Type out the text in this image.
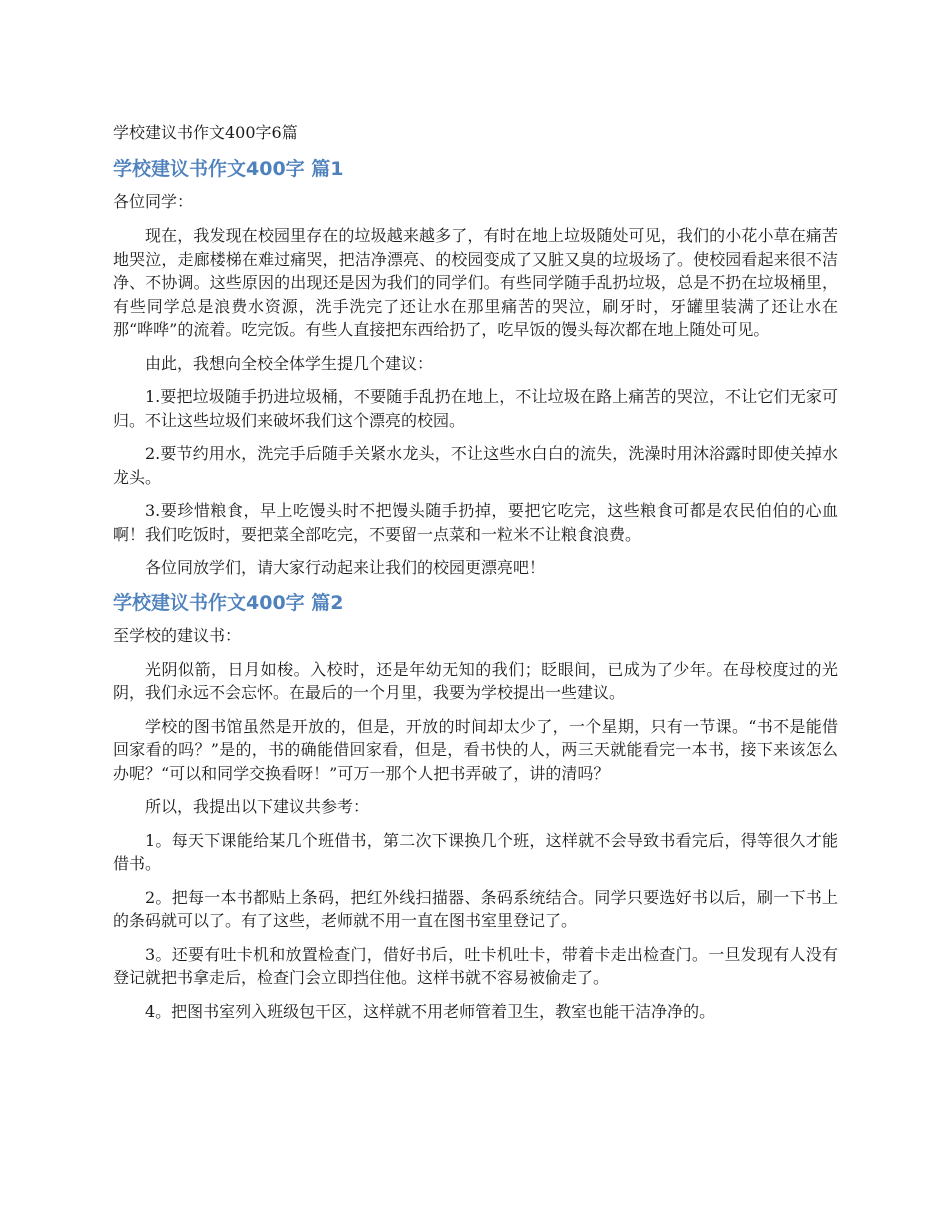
学校建议书作文400字6篇
学校建议书作文400字 篇1

各位同学：

现在，我发现在校园里存在的垃圾越来越多了，有时在地上垃圾随处可见，我们的小花小草在痛苦地哭泣，走廊楼梯在难过痛哭，把洁净漂亮、的校园变成了又脏又臭的垃圾场了。使校园看起来很不洁净、不协调。这些原因的出现还是因为我们的同学们。有些同学随手乱扔垃圾，总是不扔在垃圾桶里，有些同学总是浪费水资源，洗手洗完了还让水在那里痛苦的哭泣，刷牙时，牙罐里装满了还让水在那“哗哗”的流着。吃完饭。有些人直接把东西给扔了，吃早饭的馒头每次都在地上随处可见。

由此，我想向全校全体学生提几个建议：

1.要把垃圾随手扔进垃圾桶，不要随手乱扔在地上，不让垃圾在路上痛苦的哭泣，不让它们无家可归。不让这些垃圾们来破坏我们这个漂亮的校园。

2.要节约用水，洗完手后随手关紧水龙头，不让这些水白白的流失，洗澡时用沐浴露时即使关掉水龙头。

3.要珍惜粮食，早上吃馒头时不把馒头随手扔掉，要把它吃完，这些粮食可都是农民伯伯的心血啊！我们吃饭时，要把菜全部吃完，不要留一点菜和一粒米不让粮食浪费。

各位同放学们，请大家行动起来让我们的校园更漂亮吧！

学校建议书作文400字 篇2

至学校的建议书：

光阴似箭，日月如梭。入校时，还是年幼无知的我们；眨眼间，已成为了少年。在母校度过的光阴，我们永远不会忘怀。在最后的一个月里，我要为学校提出一些建议。

学校的图书馆虽然是开放的，但是，开放的时间却太少了，一个星期，只有一节课。“书不是能借回家看的吗？”是的，书的确能借回家看，但是，看书快的人，两三天就能看完一本书，接下来该怎么办呢？“可以和同学交换看呀！”可万一那个人把书弄破了，讲的清吗？

所以，我提出以下建议共参考：

1。每天下课能给某几个班借书，第二次下课换几个班，这样就不会导致书看完后，得等很久才能借书。

2。把每一本书都贴上条码，把红外线扫描器、条码系统结合。同学只要选好书以后，刷一下书上的条码就可以了。有了这些，老师就不用一直在图书室里登记了。

3。还要有吐卡机和放置检查门，借好书后，吐卡机吐卡，带着卡走出检查门。一旦发现有人没有登记就把书拿走后，检查门会立即挡住他。这样书就不容易被偷走了。

4。把图书室列入班级包干区，这样就不用老师管着卫生，教室也能干洁净净的。
